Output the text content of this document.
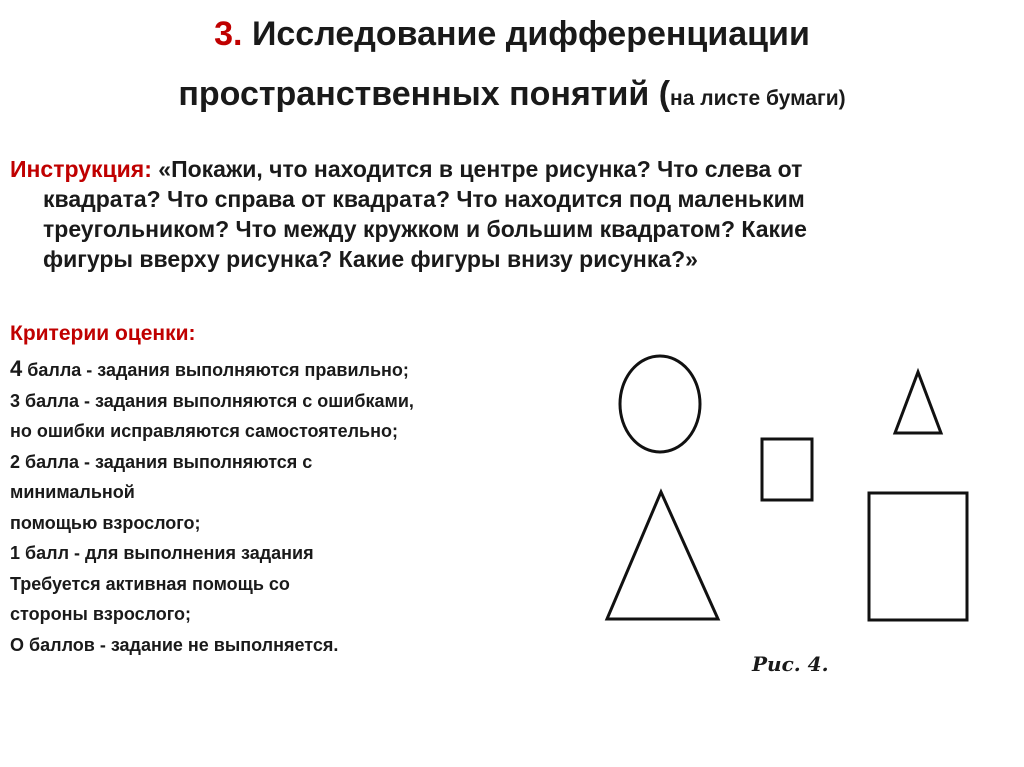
3. Исследование дифференциации
пространственных понятий (на листе бумаги)
Инструкция: «Покажи, что находится в центре рисунка? Что слева от
квадрата? Что справа от квадрата? Что находится под маленьким
треугольником? Что между кружком и большим квадратом? Какие
фигуры вверху рисунка? Какие фигуры внизу рисунка?»
Критерии оценки:
4 балла - задания выполняются правильно;
3 балла - задания выполняются с ошибками,
но ошибки исправляются самостоятельно;
2 балла - задания выполняются с
минимальной
помощью взрослого;
1 балл - для выполнения задания
Требуется активная помощь со
стороны взрослого;
О баллов - задание не выполняется.
Рис. 4.
